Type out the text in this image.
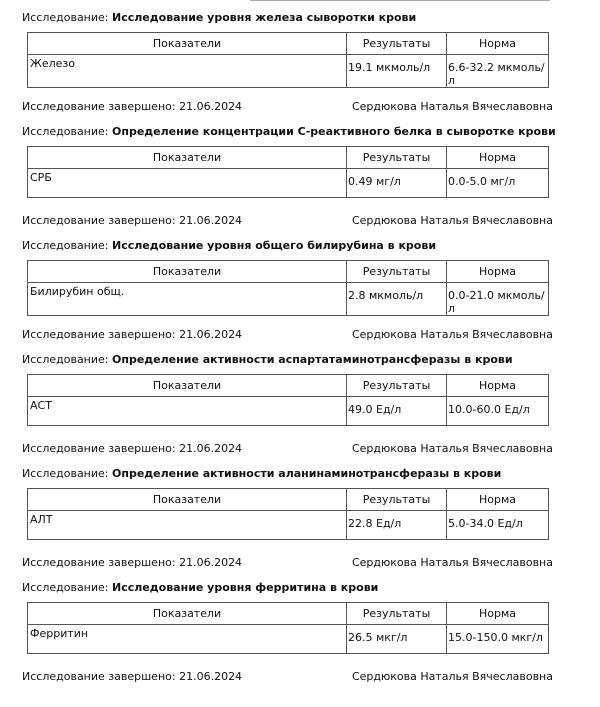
Исследование: Исследование уровня железа сыворотки крови
Показатели	Результаты	Норма
Железо	19.1 мкмоль/л	6.6-32.2 мкмоль/л
Исследование завершено: 21.06.2024	Сердюкова Наталья Вячеславовна
Исследование: Определение концентрации С-реактивного белка в сыворотке крови
Показатели	Результаты	Норма
СРБ	0.49 мг/л	0.0-5.0 мг/л
Исследование завершено: 21.06.2024	Сердюкова Наталья Вячеславовна
Исследование: Исследование уровня общего билирубина в крови
Показатели	Результаты	Норма
Билирубин общ.	2.8 мкмоль/л	0.0-21.0 мкмоль/л
Исследование завершено: 21.06.2024	Сердюкова Наталья Вячеславовна
Исследование: Определение активности аспартатаминотрансферазы в крови
Показатели	Результаты	Норма
АСТ	49.0 Ед/л	10.0-60.0 Ед/л
Исследование завершено: 21.06.2024	Сердюкова Наталья Вячеславовна
Исследование: Определение активности аланинаминотрансферазы в крови
Показатели	Результаты	Норма
АЛТ	22.8 Ед/л	5.0-34.0 Ед/л
Исследование завершено: 21.06.2024	Сердюкова Наталья Вячеславовна
Исследование: Исследование уровня ферритина в крови
Показатели	Результаты	Норма
Ферритин	26.5 мкг/л	15.0-150.0 мкг/л
Исследование завершено: 21.06.2024	Сердюкова Наталья Вячеславовна
